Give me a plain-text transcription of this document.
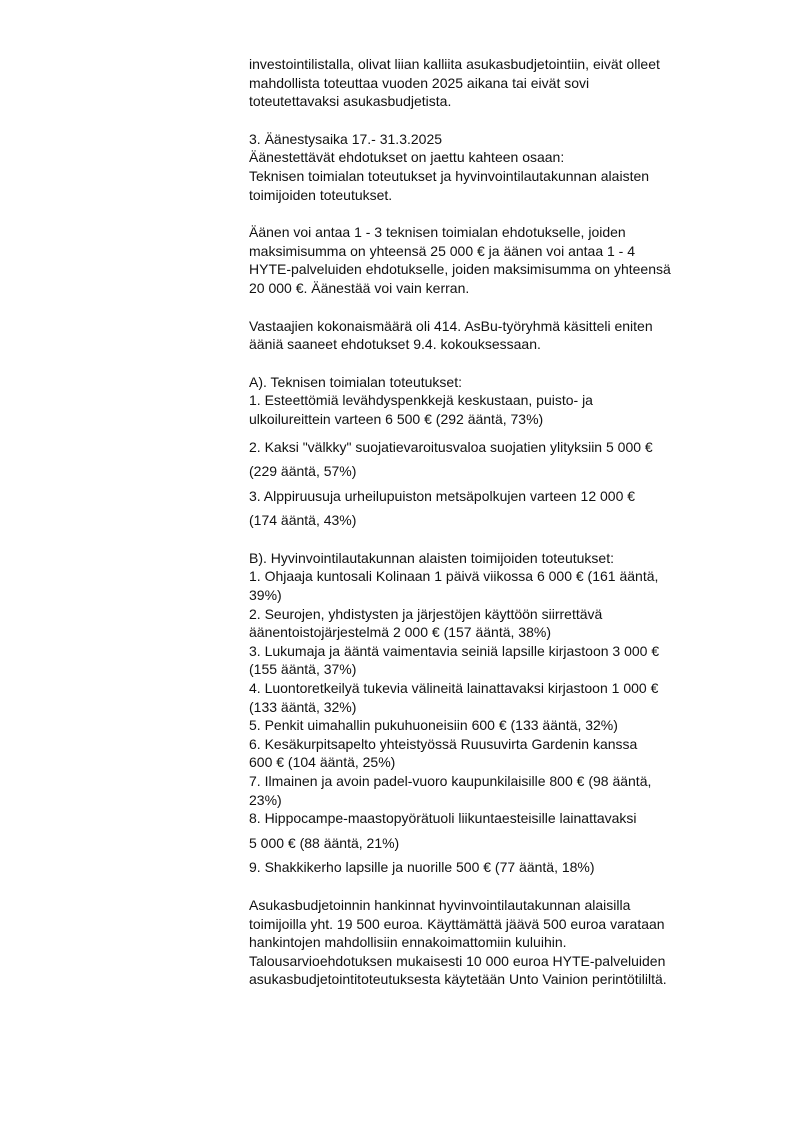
investointilistalla, olivat liian kalliita asukasbudjetointiin, eivät olleet
mahdollista toteuttaa vuoden 2025 aikana tai eivät sovi
toteutettavaksi asukasbudjetista.

3. Äänestysaika 17.- 31.3.2025

Äänestettävät ehdotukset on jaettu kahteen osaan:
Teknisen toimialan toteutukset ja hyvinvointilautakunnan alaisten
toimijoiden toteutukset.

Äänen voi antaa 1 - 3 teknisen toimialan ehdotukselle, joiden
maksimisumma on yhteensä 25 000 € ja äänen voi antaa 1 - 4
HYTE-palveluiden ehdotukselle, joiden maksimisumma on yhteensä
20 000 €. Äänestää voi vain kerran.

Vastaajien kokonaismäärä oli 414. AsBu-työryhmä käsitteli eniten
ääniä saaneet ehdotukset 9.4. kokouksessaan.

A). Teknisen toimialan toteutukset:

1. Esteettömiä levähdyspenkkejä keskustaan, puisto- ja
ulkoilureittein varteen 6 500 € (292 ääntä, 73%)

2. Kaksi "välkky" suojatievaroitusvaloa suojatien ylityksiin 5 000 €

(229 ääntä, 57%)

3. Alppiruusuja urheilupuiston metsäpolkujen varteen 12 000 €

(174 ääntä, 43%)

B). Hyvinvointilautakunnan alaisten toimijoiden toteutukset:

1. Ohjaaja kuntosali Kolinaan 1 päivä viikossa 6 000 € (161 ääntä,
39%)
2. Seurojen, yhdistysten ja järjestöjen käyttöön siirrettävä
äänentoistojärjestelmä 2 000 € (157 ääntä, 38%)
3. Lukumaja ja ääntä vaimentavia seiniä lapsille kirjastoon 3 000 €
(155 ääntä, 37%)
4. Luontoretkeilyä tukevia välineitä lainattavaksi kirjastoon 1 000 €
(133 ääntä, 32%)
5. Penkit uimahallin pukuhuoneisiin 600 € (133 ääntä, 32%)
6. Kesäkurpitsapelto yhteistyössä Ruusuvirta Gardenin kanssa
600 € (104 ääntä, 25%)
7. Ilmainen ja avoin padel-vuoro kaupunkilaisille 800 € (98 ääntä,
23%)
8. Hippocampe-maastopyörätuoli liikuntaesteisille lainattavaksi

5 000 € (88 ääntä, 21%)

9. Shakkikerho lapsille ja nuorille 500 € (77 ääntä, 18%)

Asukasbudjetoinnin hankinnat hyvinvointilautakunnan alaisilla
toimijoilla yht. 19 500 euroa. Käyttämättä jäävä 500 euroa varataan
hankintojen mahdollisiin ennakoimattomiin kuluihin.
Talousarvioehdotuksen mukaisesti 10 000 euroa HYTE-palveluiden
asukasbudjetointitoteutuksesta käytetään Unto Vainion perintötililtä.
